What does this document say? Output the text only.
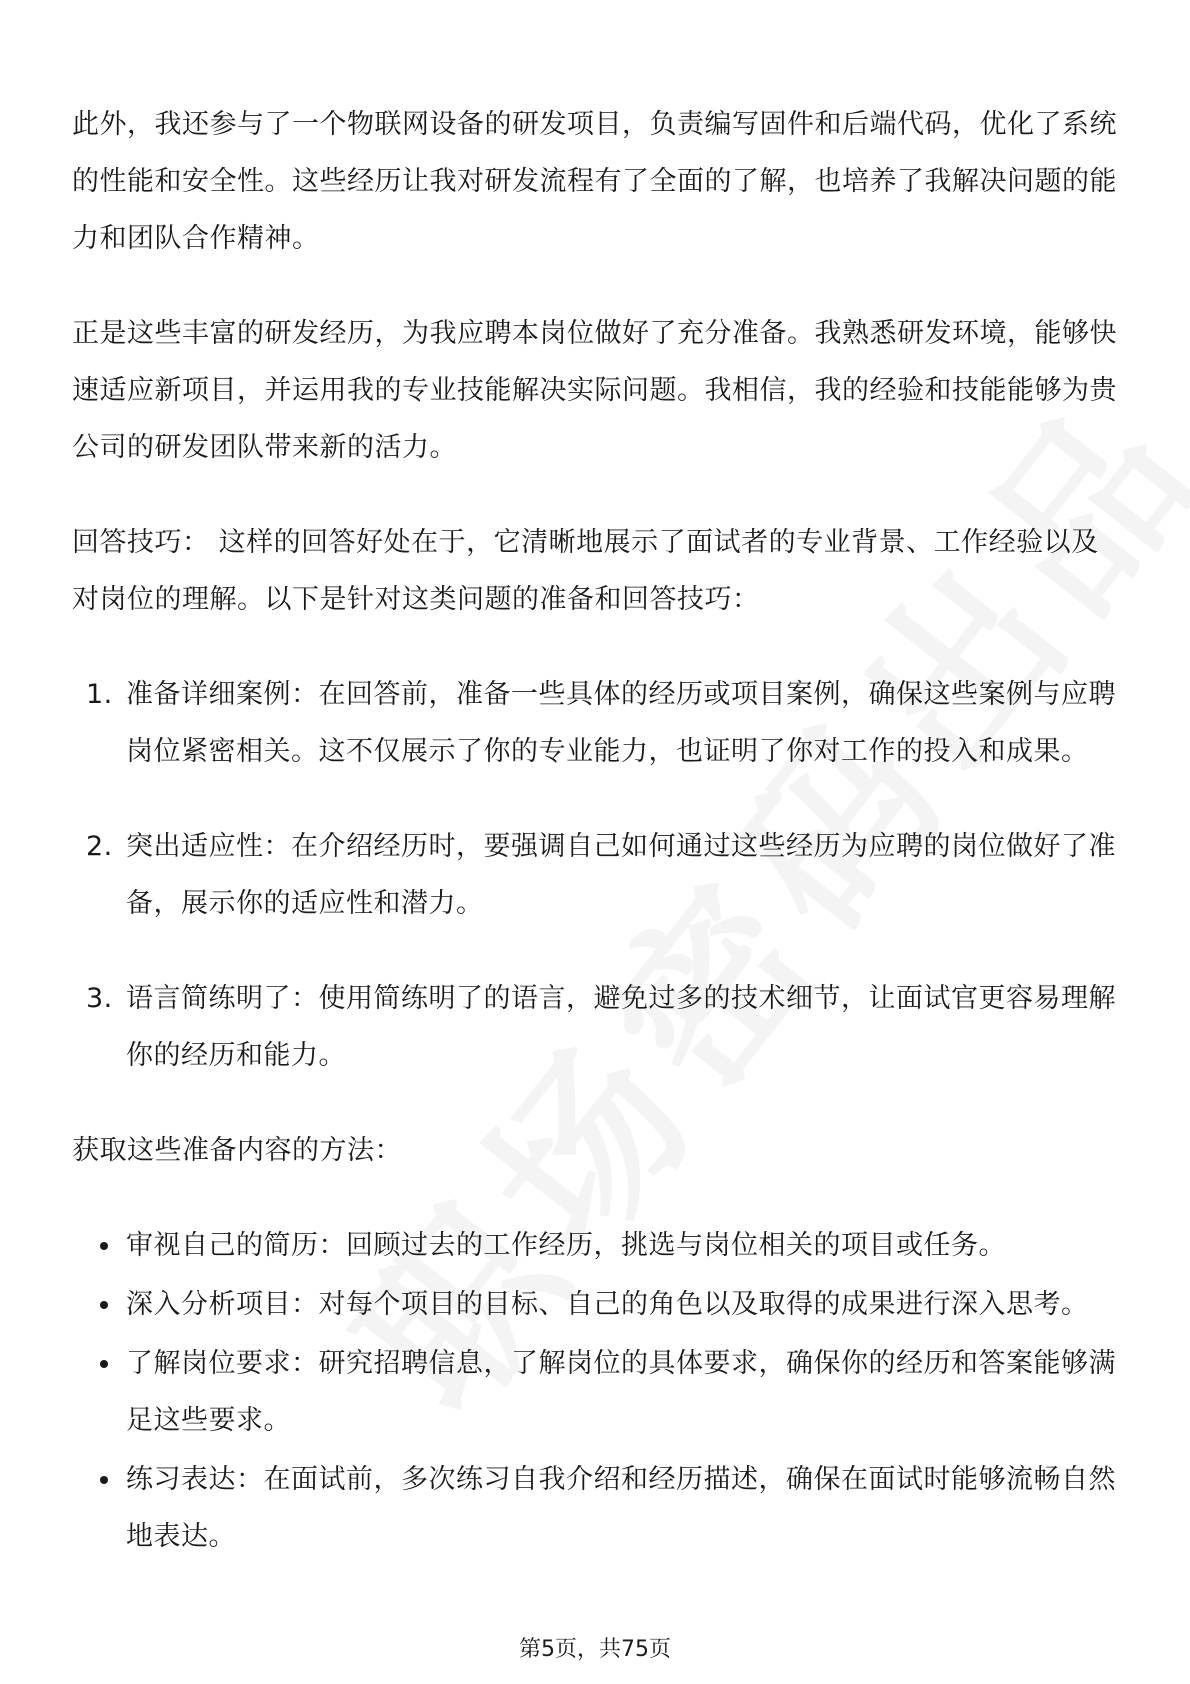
此外，我还参与了一个物联网设备的研发项目，负责编写固件和后端代码，优化了系统的性能和安全性。这些经历让我对研发流程有了全面的了解，也培养了我解决问题的能力和团队合作精神。

正是这些丰富的研发经历，为我应聘本岗位做好了充分准备。我熟悉研发环境，能够快速适应新项目，并运用我的专业技能解决实际问题。我相信，我的经验和技能能够为贵公司的研发团队带来新的活力。

回答技巧： 这样的回答好处在于，它清晰地展示了面试者的专业背景、工作经验以及对岗位的理解。以下是针对这类问题的准备和回答技巧：

1. 准备详细案例：在回答前，准备一些具体的经历或项目案例，确保这些案例与应聘岗位紧密相关。这不仅展示了你的专业能力，也证明了你对工作的投入和成果。
2. 突出适应性：在介绍经历时，要强调自己如何通过这些经历为应聘的岗位做好了准备，展示你的适应性和潜力。
3. 语言简练明了：使用简练明了的语言，避免过多的技术细节，让面试官更容易理解你的经历和能力。

获取这些准备内容的方法：

审视自己的简历：回顾过去的工作经历，挑选与岗位相关的项目或任务。
深入分析项目：对每个项目的目标、自己的角色以及取得的成果进行深入思考。
了解岗位要求：研究招聘信息，了解岗位的具体要求，确保你的经历和答案能够满足这些要求。
练习表达：在面试前，多次练习自我介绍和经历描述，确保在面试时能够流畅自然地表达。
第5页，共75页
